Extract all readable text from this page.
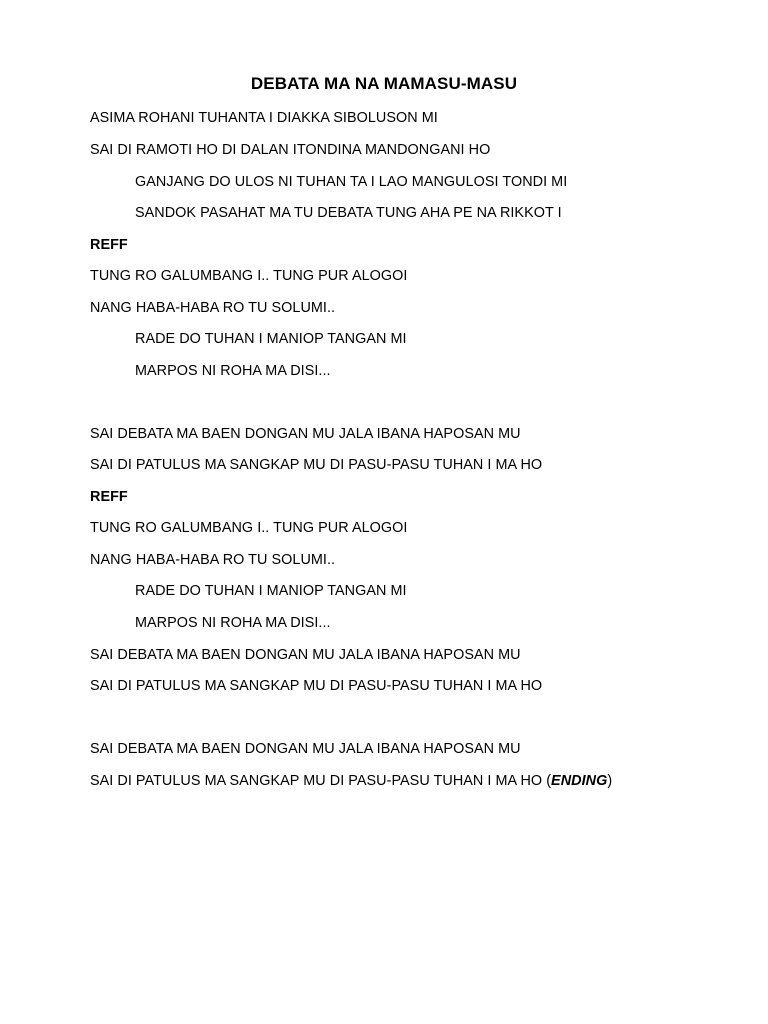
DEBATA MA NA MAMASU-MASU
ASIMA ROHANI TUHANTA I DIAKKA SIBOLUSON MI
SAI DI RAMOTI HO DI DALAN ITONDINA MANDONGANI HO
GANJANG DO ULOS NI TUHAN TA I LAO MANGULOSI TONDI MI
SANDOK PASAHAT MA TU DEBATA TUNG AHA PE NA RIKKOT I
REFF
TUNG RO GALUMBANG I.. TUNG PUR ALOGOI
NANG HABA-HABA RO TU SOLUMI..
RADE DO TUHAN I MANIOP TANGAN MI
MARPOS NI ROHA MA DISI...
SAI DEBATA MA BAEN DONGAN MU JALA IBANA HAPOSAN MU
SAI DI PATULUS MA SANGKAP MU DI PASU-PASU TUHAN I MA HO
REFF
TUNG RO GALUMBANG I.. TUNG PUR ALOGOI
NANG HABA-HABA RO TU SOLUMI..
RADE DO TUHAN I MANIOP TANGAN MI
MARPOS NI ROHA MA DISI...
SAI DEBATA MA BAEN DONGAN MU JALA IBANA HAPOSAN MU
SAI DI PATULUS MA SANGKAP MU DI PASU-PASU TUHAN I MA HO
SAI DEBATA MA BAEN DONGAN MU JALA IBANA HAPOSAN MU
SAI DI PATULUS MA SANGKAP MU DI PASU-PASU TUHAN I MA HO (ENDING)
